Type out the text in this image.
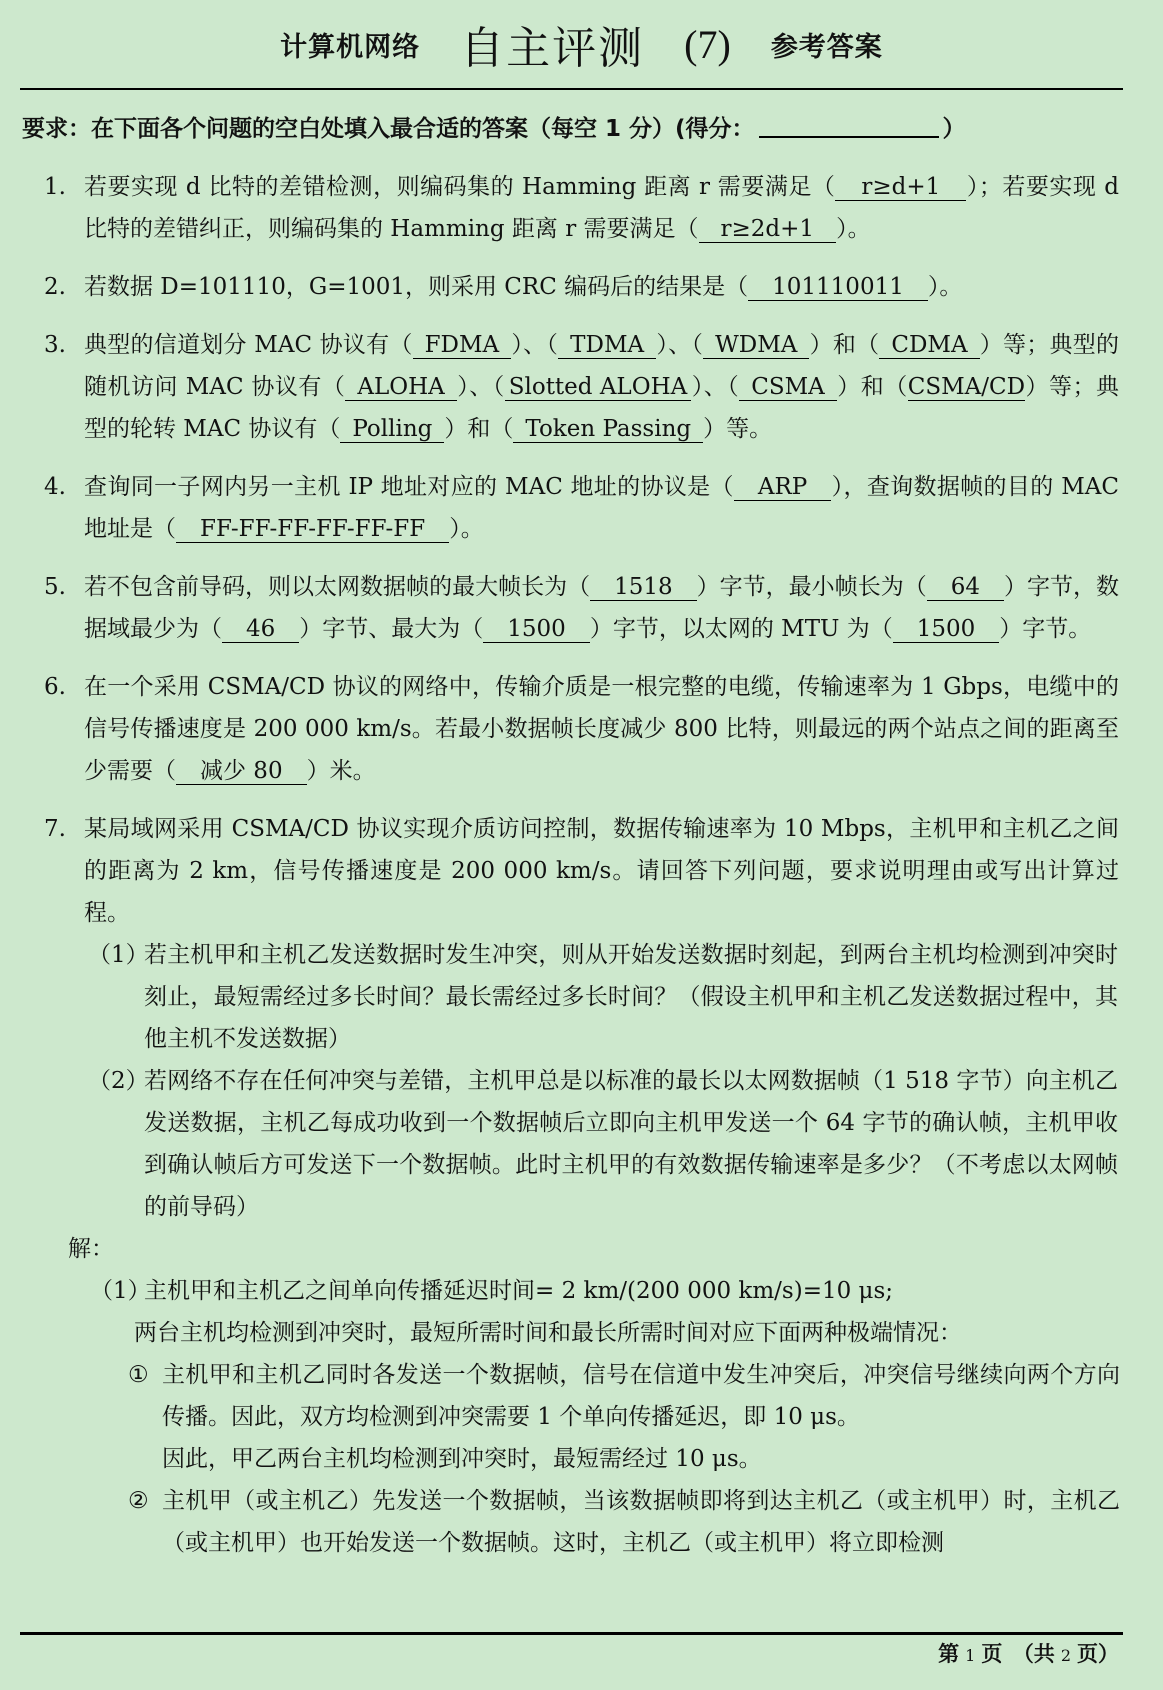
计算机网络 自主评测 (7) 参考答案
要求：在下面各个问题的空白处填入最合适的答案（每空 1 分）(得分：	）
1. 若要实现 d 比特的差错检测，则编码集的 Hamming 距离 r 需要满足（ r≥d+1 ）；若要实现 d 比特的差错纠正，则编码集的 Hamming 距离 r 需要满足（ r≥2d+1 ）。
2. 若数据 D=101110，G=1001，则采用 CRC 编码后的结果是（ 101110011 ）。
3. 典型的信道划分 MAC 协议有（ FDMA ）、（ TDMA ）、（ WDMA ）和（ CDMA ）等；典型的随机访问 MAC 协议有（ ALOHA ）、（ Slotted ALOHA ）、（ CSMA ）和（CSMA/CD）等；典型的轮转 MAC 协议有（ Polling ）和（ Token Passing ）等。
4. 查询同一子网内另一主机 IP 地址对应的 MAC 地址的协议是（ ARP ），查询数据帧的目的 MAC 地址是（ FF-FF-FF-FF-FF-FF ）。
5. 若不包含前导码，则以太网数据帧的最大帧长为（ 1518 ）字节，最小帧长为（ 64 ）字节，数据域最少为（ 46 ）字节、最大为（ 1500 ）字节，以太网的 MTU 为（ 1500 ）字节。
6. 在一个采用 CSMA/CD 协议的网络中，传输介质是一根完整的电缆，传输速率为 1 Gbps，电缆中的信号传播速度是 200 000 km/s。若最小数据帧长度减少 800 比特，则最远的两个站点之间的距离至少需要（ 减少 80 ）米。
7. 某局域网采用 CSMA/CD 协议实现介质访问控制，数据传输速率为 10 Mbps，主机甲和主机乙之间的距离为 2 km，信号传播速度是 200 000 km/s。请回答下列问题，要求说明理由或写出计算过程。
（1）
若主机甲和主机乙发送数据时发生冲突，则从开始发送数据时刻起，到两台主机均检测到冲突时刻止，最短需经过多长时间？最长需经过多长时间？（假设主机甲和主机乙发送数据过程中，其他主机不发送数据）
（2）
若网络不存在任何冲突与差错，主机甲总是以标准的最长以太网数据帧（1 518 字节）向主机乙发送数据，主机乙每成功收到一个数据帧后立即向主机甲发送一个 64 字节的确认帧，主机甲收到确认帧后方可发送下一个数据帧。此时主机甲的有效数据传输速率是多少？（不考虑以太网帧的前导码）
解：
（1）
主机甲和主机乙之间单向传播延迟时间= 2 km/(200 000 km/s)=10 μs;
两台主机均检测到冲突时，最短所需时间和最长所需时间对应下面两种极端情况：
① 主机甲和主机乙同时各发送一个数据帧，信号在信道中发生冲突后，冲突信号继续向两个方向传播。因此，双方均检测到冲突需要 1 个单向传播延迟，即 10 μs。
因此，甲乙两台主机均检测到冲突时，最短需经过 10 μs。
② 主机甲（或主机乙）先发送一个数据帧，当该数据帧即将到达主机乙（或主机甲）时，主机乙（或主机甲）也开始发送一个数据帧。这时，主机乙（或主机甲）将立即检测
第 1 页　（共 2 页）
